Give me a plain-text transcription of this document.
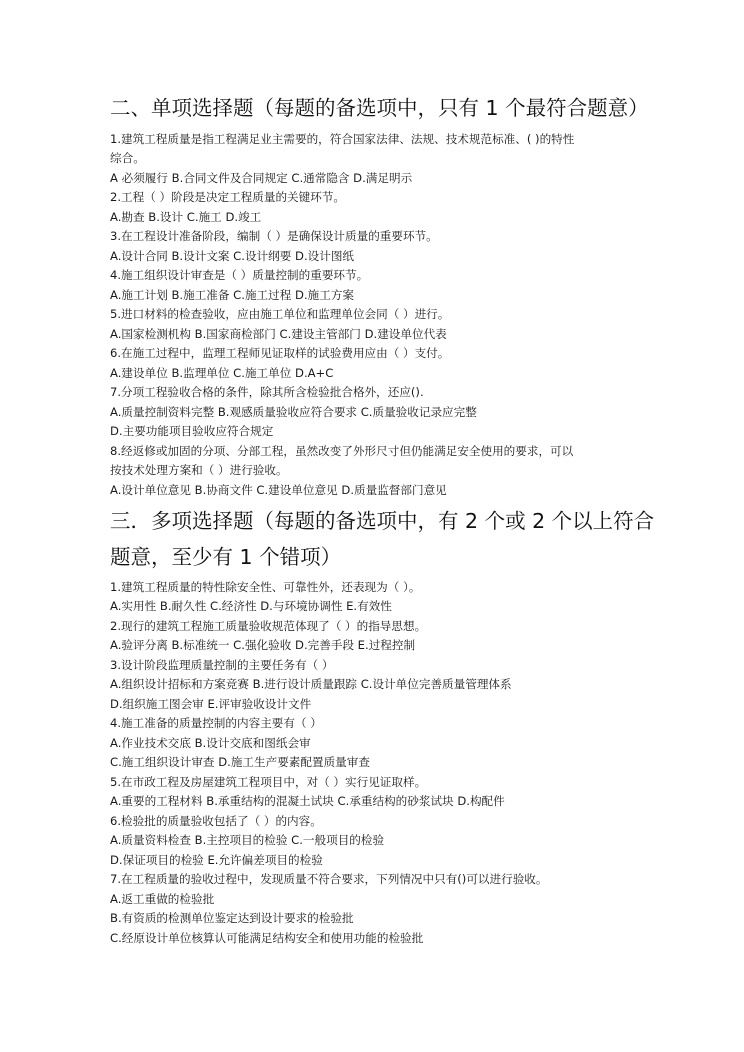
二、单项选择题（每题的备选项中，只有 1 个最符合题意）
1.建筑工程质量是指工程满足业主需要的，符合国家法律、法规、技术规范标准、( )的特性
综合。
A 必须履行 B.合同文件及合同规定 C.通常隐含 D.满足明示
2.工程（ ）阶段是决定工程质量的关键环节。
A.勘查 B.设计 C.施工 D.竣工
3.在工程设计准备阶段，编制（ ）是确保设计质量的重要环节。
A.设计合同 B.设计文案 C.设计纲要 D.设计图纸
4.施工组织设计审查是（ ）质量控制的重要环节。
A.施工计划 B.施工准备 C.施工过程 D.施工方案
5.进口材料的检查验收，应由施工单位和监理单位会同（ ）进行。
A.国家检测机构 B.国家商检部门 C.建设主管部门 D.建设单位代表
6.在施工过程中，监理工程师见证取样的试验费用应由（ ）支付。
A.建设单位 B.监理单位 C.施工单位 D.A+C
7.分项工程验收合格的条件，除其所含检验批合格外，还应().
A.质量控制资料完整 B.观感质量验收应符合要求 C.质量验收记录应完整
D.主要功能项目验收应符合规定
8.经返修或加固的分项、分部工程，虽然改变了外形尺寸但仍能满足安全使用的要求，可以
按技术处理方案和（ ）进行验收。
A.设计单位意见 B.协商文件 C.建设单位意见 D.质量监督部门意见
三．多项选择题（每题的备选项中，有 2 个或 2 个以上符合
题意，至少有 1 个错项）
1.建筑工程质量的特性除安全性、可靠性外，还表现为（ ）。
A.实用性 B.耐久性 C.经济性 D.与环境协调性 E.有效性
2.现行的建筑工程施工质量验收规范体现了（ ）的指导思想。
A.验评分离 B.标准统一 C.强化验收 D.完善手段 E.过程控制
3.设计阶段监理质量控制的主要任务有（ ）
A.组织设计招标和方案竞赛 B.进行设计质量跟踪 C.设计单位完善质量管理体系
D.组织施工图会审 E.评审验收设计文件
4.施工准备的质量控制的内容主要有（ ）
A.作业技术交底 B.设计交底和图纸会审
C.施工组织设计审查 D.施工生产要素配置质量审查
5.在市政工程及房屋建筑工程项目中，对（ ）实行见证取样。
A.重要的工程材料 B.承重结构的混凝土试块 C.承重结构的砂浆试块 D.构配件
6.检验批的质量验收包括了（ ）的内容。
A.质量资料检查 B.主控项目的检验 C.一般项目的检验
D.保证项目的检验 E.允许偏差项目的检验
7.在工程质量的验收过程中，发现质量不符合要求，下列情况中只有()可以进行验收。
A.返工重做的检验批
B.有资质的检测单位鉴定达到设计要求的检验批
C.经原设计单位核算认可能满足结构安全和使用功能的检验批
